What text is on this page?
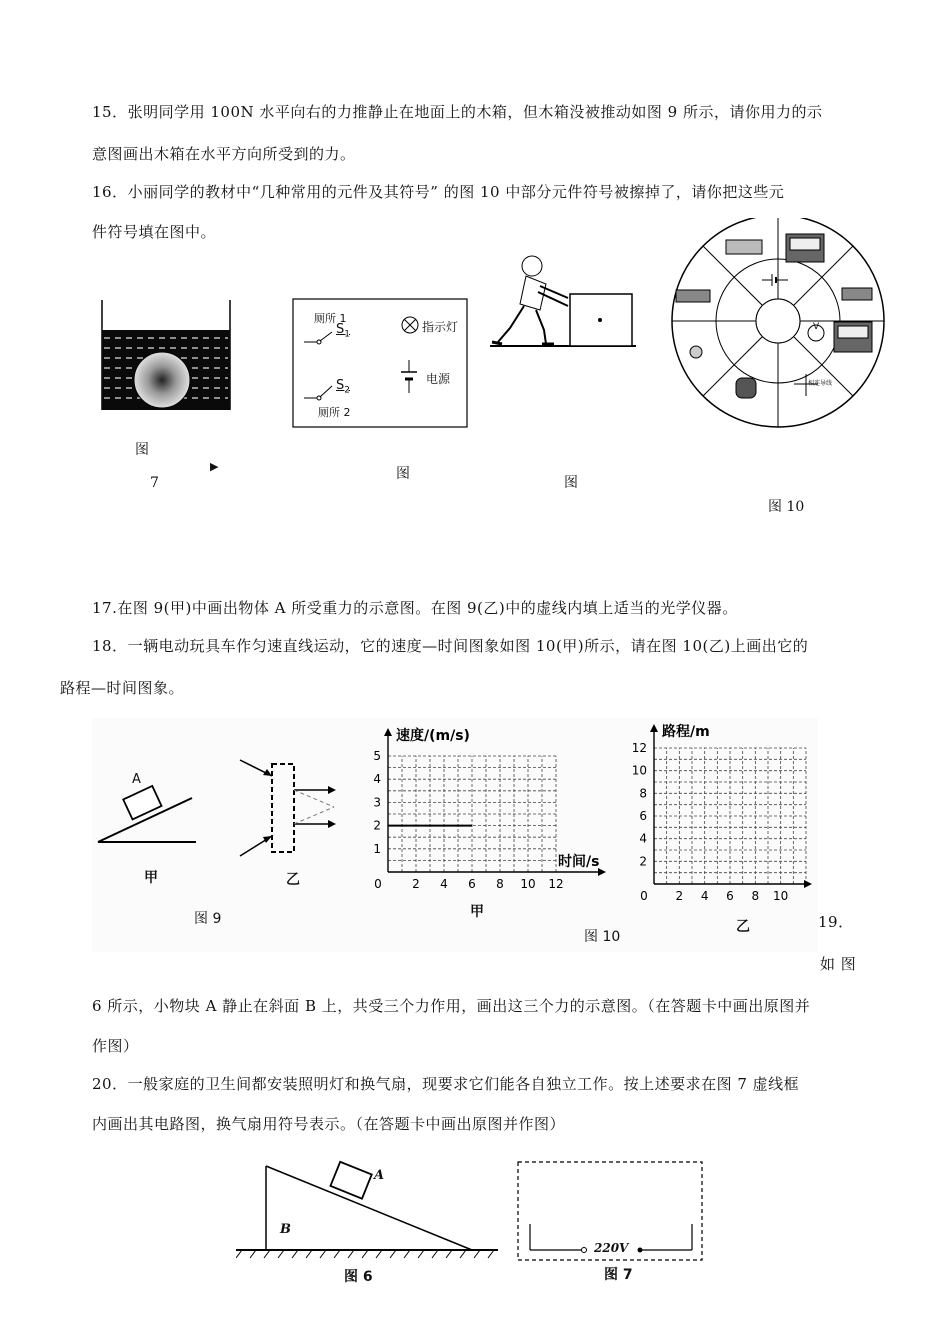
15．张明同学用 100N 水平向右的力推静止在地面上的木箱，但木箱没被推动如图 9 所示，请你用力的示
意图画出木箱在水平方向所受到的力。
16．小丽同学的教材中“几种常用的元件及其符号” 的图 10 中部分元件符号被擦掉了，请你把这些元
件符号填在图中。
图
7
▶
厕所 1
$S_1$
$S_2$
厕所 2
指示灯
电源
图
图
V
相连导线
图 10
17.在图 9(甲)中画出物体 A 所受重力的示意图。在图 9(乙)中的虚线内填上适当的光学仪器。
18．一辆电动玩具车作匀速直线运动，它的速度—时间图象如图 10(甲)所示，请在图 10(乙)上画出它的
路程—时间图象。
A
甲	乙
图 9
2 4 6 8 10 12
1
2
3
4
5
0
速度/(m/s)
时间/s
甲
图 10
2 4 6 8 10
2
4
6
8
10
12
0
路程/m
乙	19．
如 图
6 所示，小物块 A 静止在斜面 B 上，共受三个力作用，画出这三个力的示意图。（在答题卡中画出原图并
作图）
20．一般家庭的卫生间都安装照明灯和换气扇，现要求它们能各自独立工作。按上述要求在图 7 虚线框
内画出其电路图，换气扇用符号表示。（在答题卡中画出原图并作图）
A
B
图 6
220V
图 7
